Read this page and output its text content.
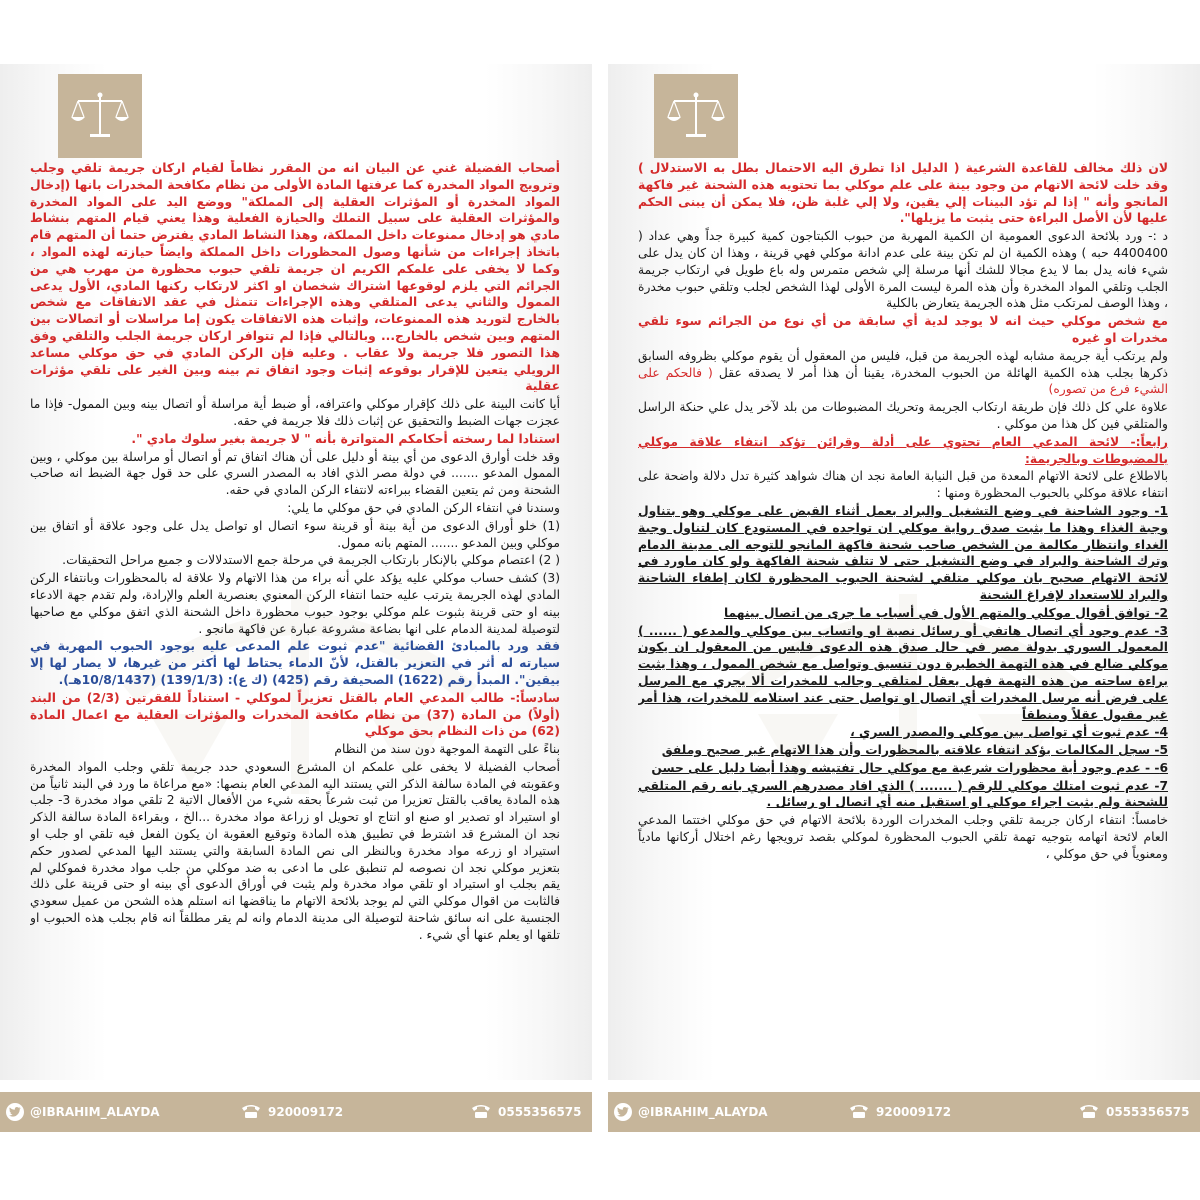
أصحاب الفضيلة غني عن البيان انه من المقرر نظاماً لقيام اركان جريمة تلقي وجلب وترويج المواد المخدرة كما عرفتها المادة الأولى من نظام مكافحة المخدرات بانها (إدخال المواد المخدرة أو المؤثرات العقلية إلى المملكة" ووضع اليد على المواد المخدرة والمؤثرات العقلية على سبيل التملك والحيازة الفعلية وهذا يعني قيام المتهم بنشاط مادي هو إدخال ممنوعات داخل المملكة، وهذا النشاط المادي يفترض حتما أن المتهم قام باتخاذ إجراءات من شأنها وصول المحظورات داخل المملكة وايضاً حيازته لهذه المواد ، وكما لا يخفى على علمكم الكريم ان جريمة تلقي حبوب محظورة من مهرب هي من الجرائم التي يلزم لوقوعها اشتراك شخصان او اكثر لارتكاب ركنها المادي، الأول يدعى الممول والثاني يدعى المتلقي وهذه الإجراءات تتمثل في عقد الاتفاقات مع شخص بالخارج لتوريد هذه الممنوعات، وإثبات هذه الاتفاقات يكون إما مراسلات أو اتصالات بين المتهم وبين شخص بالخارج... وبالتالي فإذا لم تتوافر اركان جريمة الجلب والتلقي وفق هذا التصور فلا جريمة ولا عقاب . وعليه فإن الركن المادي في حق موكلي مساعد الرويلي يتعين للإقرار بوقوعه إثبات وجود اتفاق تم بينه وبين الغير على تلقي مؤثرات عقلية

أيا كانت البينة على ذلك كإقرار موكلي واعترافه، أو ضبط أية مراسلة أو اتصال بينه وبين الممول- فإذا ما عجزت جهات الضبط والتحقيق عن إثبات ذلك فلا جريمة في حقه.

استنادا لما رسخته أحكامكم المتواترة بأنه " لا جريمة بغير سلوك مادي ".

وقد خلت أوارق الدعوى من أي بينة أو دليل على أن هناك اتفاق تم أو اتصال أو مراسلة بين موكلي ، وبين الممول المدعو ....... في دولة مصر الذي افاد به المصدر السري على حد قول جهة الضبط انه صاحب الشحنة ومن ثم يتعين القضاء ببراءته لانتفاء الركن المادي في حقه.

وسندنا في انتفاء الركن المادي في حق موكلي ما يلي:

(1) خلو أوراق الدعوى من أية بينة أو قرينة سوء اتصال او تواصل يدل على وجود علاقة أو اتفاق بين موكلي وبين المدعو ....... المتهم بانه ممول.

( 2) اعتصام موكلي بالإنكار بارتكاب الجريمة في مرحلة جمع الاستدلالات و جميع مراحل التحقيقات.

(3) كشف حساب موكلي عليه يؤكد علي أنه براء من هذا الاتهام ولا علاقة له بالمحظورات وبانتفاء الركن المادي لهذه الجريمة يترتب عليه حتما انتفاء الركن المعنوي بعنصرية العلم والإرادة، ولم تقدم جهة الادعاء بينه او حتى قرينة بثبوت علم موكلي بوجود حبوب محظورة داخل الشحنة الذي اتفق موكلي مع صاحبها لتوصيلة لمدينة الدمام على انها بضاعة مشروعة عبارة عن فاكهة مانجو .

فقد ورد بالمبادئ القضائية "عدم ثبوت علم المدعى عليه بوجود الحبوب المهربة في سيارته له أثر في التعزير بالقتل، لأنّ الدماء يحتاط لها أكثر من غيرها، لا يصار لها إلا بيقين". المبدأ رقم (1622) الصحيفة رقم (425) (ك ع): (139/1/3) (10/8/1437هـ).

سادساً:- طالب المدعي العام بالقتل تعزيراً لموكلي - استناداً للفقرتين (2/3) من البند (أولاً) من المادة (37) من نظام مكافحة المخدرات والمؤثرات العقلية مع اعمال المادة (62) من ذات النظام بحق موكلي

بناءً على التهمة الموجهة دون سند من النظام

أصحاب الفضيلة لا يخفى على علمكم ان المشرع السعودي حدد جريمة تلقي وجلب المواد المخدرة وعقوبته في المادة سالفة الذكر التي يستند اليه المدعي العام بنصها: «مع مراعاة ما ورد في البند ثانياً من هذه المادة يعاقب بالقتل تعزيرا من ثبت شرعاً بحقه شيء من الأفعال الاتية 2 تلقي مواد مخدرة 3- جلب او استيراد او تصدير او صنع او انتاج او تحويل او زراعة مواد مخدرة ...الخ ، وبقراءة المادة سالفة الذكر نجد ان المشرع قد اشترط في تطبيق هذه المادة وتوقيع العقوبة ان يكون الفعل فيه تلقي او جلب او استيراد او زرعه مواد مخدرة وبالنظر الى نص المادة السابقة والتي يستند اليها المدعي لصدور حكم بتعزير موكلي نجد ان نصوصه لم تنطبق على ما ادعى به ضد موكلي من جلب مواد مخدرة فموكلي لم يقم بجلب او استيراد او تلقي مواد مخدرة ولم يثبت في أوراق الدعوى أي بينه او حتى قرينة على ذلك فالثابت من اقوال موكلي التي لم يوجد بلائحة الاتهام ما يناقضها انه استلم هذه الشحن من عميل سعودي الجنسية على انه سائق شاحنة لتوصيلة الى مدينة الدمام وانه لم يقر مطلقاً انه قام بجلب هذه الحبوب او تلقها او يعلم عنها أي شيء .

@IBRAHIM_ALAYDA	920009172	0555356575

لان ذلك مخالف للقاعدة الشرعية ( الدليل اذا تطرق اليه الاحتمال بطل به الاستدلال ) وقد خلت لائحة الاتهام من وجود بينة على علم موكلي بما تحتويه هذه الشحنة غير فاكهة المانجو وأنه " إذا لم تؤد البينات إلي يقين، ولا إلي غلبة ظن، فلا يمكن أن يبنى الحكم عليها لأن الأصل البراءة حتى يثبت ما يزيلها".

د :- ورد بلائحة الدعوى العمومية ان الكمية المهربة من حبوب الكبتاجون كمية كبيرة جداً وهي عداد ( 4400400 حبه ) وهذه الكمية ان لم تكن بينة على عدم ادانة موكلي فهي قرينة ، وهذا ان كان يدل على شيء فانه يدل بما لا يدع مجالا للشك أنها مرسلة إلي شخص متمرس وله باع طويل في ارتكاب جريمة الجلب وتلقي المواد المخدرة وأن هذه المرة ليست المرة الأولى لهذا الشخص لجلب وتلقي حبوب مخدرة ، وهذا الوصف لمرتكب مثل هذه الجريمة يتعارض بالكلية

مع شخص موكلي حيث انه لا يوجد لدية أي سابقة من أي نوع من الجرائم سوء تلقي مخدرات او غيره

ولم يرتكب أية جريمة مشابه لهذه الجريمة من قبل، فليس من المعقول أن يقوم موكلي بظروفه السابق ذكرها بجلب هذه الكمية الهائلة من الحبوب المخدرة، يقينا أن هذا أمر لا يصدقه عقل ( فالحكم على الشيء فرع من تصوره)

علاوة علي كل ذلك فإن طريقة ارتكاب الجريمة وتحريك المضبوطات من بلد لآخر يدل علي حنكة الراسل والمتلقي فين كل هذا من موكلي .

رابعاً:- لائحة المدعي العام تحتوي على أدلة وقرائن تؤكد انتفاء علاقة موكلي بالمضبوطات وبالجريمة:

بالاطلاع على لائحة الاتهام المعدة من قبل النيابة العامة نجد ان هناك شواهد كثيرة تدل دلالة واضحة على انتفاء علاقة موكلي بالحبوب المحظورة ومنها :

1- وجود الشاحنة في وضع التشغيل والبراد بعمل أثناء القبض على موكلي وهو بتناول وجبة الغذاء وهذا ما يثبت صدق رواية موكلي ان تواجده في المستودع كان لتناول وجبة الغداء وانتظار مكالمة من الشخص صاحب شحنة فاكهة المانجو للتوجه الى مدينة الدمام وترك الشاحنة والبراد في وضع التشغيل حتى لا تتلف شحنة الفاكهة ولو كان ماورد في لائحة الاتهام صحيح بان موكلي متلقي لشحنة الحبوب المحظورة لكان إطفاء الشاحنة والبراد للاستعداد لإفراغ الشحنة

2- توافق أقوال موكلي والمتهم الأول في أسباب ما جرى من اتصال بينهما

3- عدم وجود أي اتصال هاتفي أو رسائل نصية او واتساب بين موكلي والمدعو ( ...... ) المعمول السوري بدولة مصر في حال صدق هذه الدعوى فليس من المعقول ان يكون موكلي ضالع في هذه التهمة الخطيرة دون تنسيق وتواصل مع شخص الممول ، وهذا يثبت براءة ساحته من هذه التهمة فهل يعقل لمتلقي وجالب للمخدرات ألا يجري مع المرسل على فرض أنه مرسل المخدرات أي اتصال او تواصل حتى عند استلامه للمخدرات، هذا أمر غير مقبول عقلاً ومنطقاً

4- عدم ثبوت أي تواصل بين موكلي والمصدر السري ،

5- سجل المكالمات يؤكد انتفاء علاقته بالمحظورات وأن هذا الاتهام غير صحيح وملفق

6- - عدم وجود أية محظورات شرعية مع موكلي حال تفتيشه وهذا أيضا دليل على حسن

7- عدم ثبوت امتلك موكلي للرقم ( ....... ) الذي افاد مصدرهم السري بانه رقم المتلقي للشحنة ولم يثبت اجراء موكلي او استقبل منه أي اتصال او رسائل .

خامساً: انتفاء اركان جريمة تلقي وجلب المخدرات الوردة بلائحة الاتهام في حق موكلي اختتما المدعي العام لائحة اتهامه بتوجيه تهمة تلقي الحبوب المحظورة لموكلي بقصد ترويجها رغم اختلال أركانها مادياً ومعنوياً في حق موكلي ،

@IBRAHIM_ALAYDA	920009172	0555356575
